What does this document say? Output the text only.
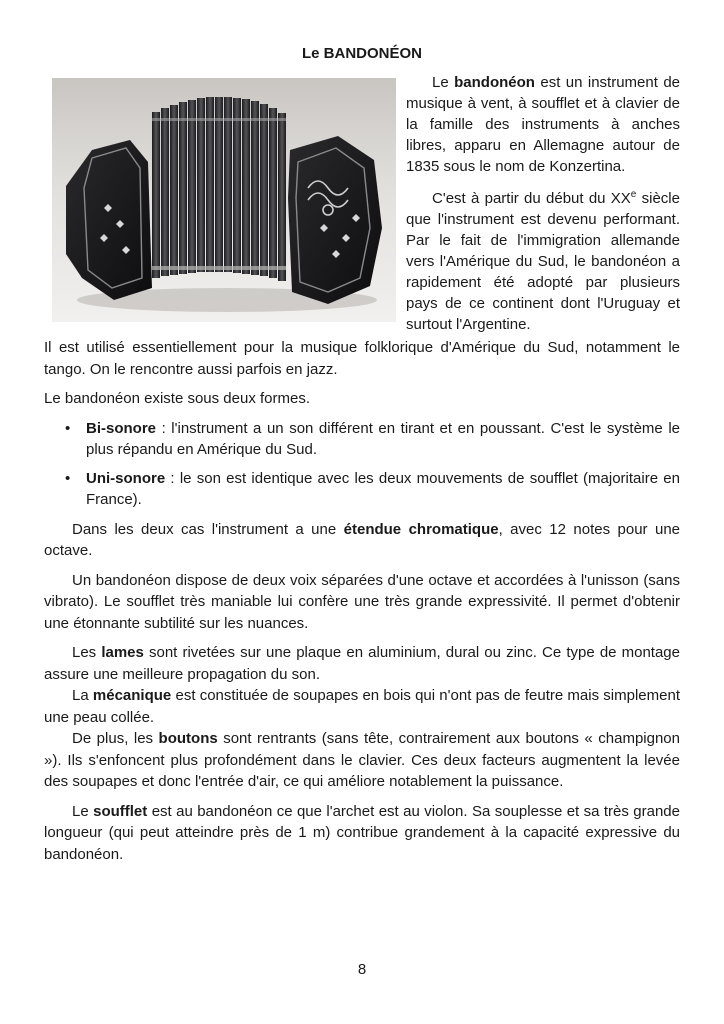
Le BANDONÉON

Le bandonéon est un instrument de musique à vent, à soufflet et à clavier de la famille des instruments à anches libres, apparu en Allemagne autour de 1835 sous le nom de Konzertina.

C'est à partir du début du XXe siècle que l'instrument est devenu performant. Par le fait de l'immigration allemande vers l'Amérique du Sud, le bandonéon a rapidement été adopté par plusieurs pays de ce continent dont l'Uruguay et surtout l'Argentine.

Il est utilisé essentiellement pour la musique folklorique d'Amérique du Sud, notamment le tango. On le rencontre aussi parfois en jazz.

Le bandonéon existe sous deux formes.

• Bi-sonore : l'instrument a un son différent en tirant et en poussant. C'est le système le plus répandu en Amérique du Sud.
• Uni-sonore : le son est identique avec les deux mouvements de soufflet (majoritaire en France).

Dans les deux cas l'instrument a une étendue chromatique, avec 12 notes pour une octave.

Un bandonéon dispose de deux voix séparées d'une octave et accordées à l'unisson (sans vibrato). Le soufflet très maniable lui confère une très grande expressivité. Il permet d'obtenir une étonnante subtilité sur les nuances.

Les lames sont rivetées sur une plaque en aluminium, dural ou zinc. Ce type de montage assure une meilleure propagation du son.

La mécanique est constituée de soupapes en bois qui n'ont pas de feutre mais simplement une peau collée.

De plus, les boutons sont rentrants (sans tête, contrairement aux boutons « champignon »). Ils s'enfoncent plus profondément dans le clavier. Ces deux facteurs augmentent la levée des soupapes et donc l'entrée d'air, ce qui améliore notablement la puissance.

Le soufflet est au bandonéon ce que l'archet est au violon. Sa souplesse et sa très grande longueur (qui peut atteindre près de 1 m) contribue grandement à la capacité expressive du bandonéon.

8
